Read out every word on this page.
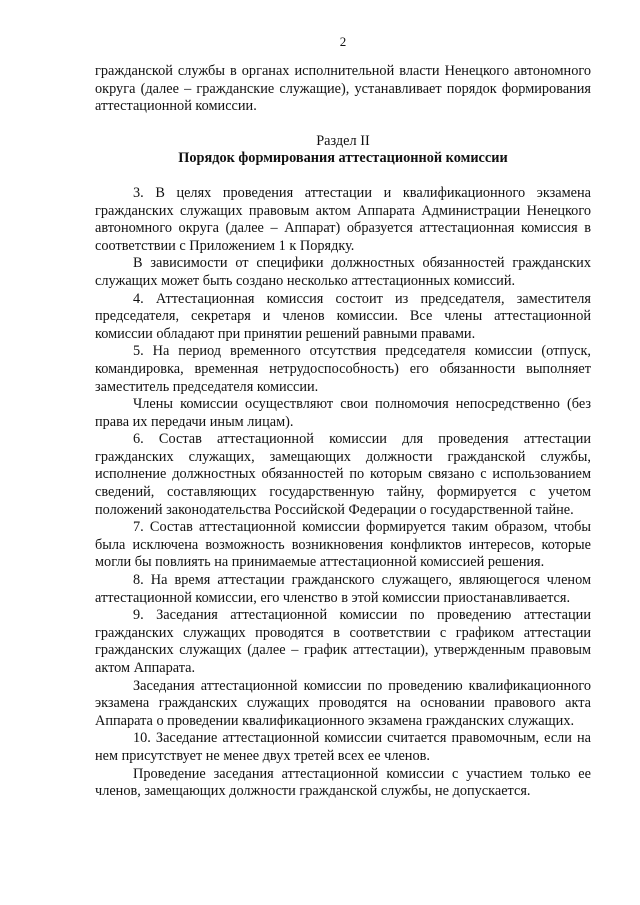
2

гражданской службы в органах исполнительной власти Ненецкого автономного округа (далее – гражданские служащие), устанавливает порядок формирования аттестационной комиссии.

Раздел II
Порядок формирования аттестационной комиссии

3. В целях проведения аттестации и квалификационного экзамена гражданских служащих правовым актом Аппарата Администрации Ненецкого автономного округа (далее – Аппарат) образуется аттестационная комиссия в соответствии с Приложением 1 к Порядку.

В зависимости от специфики должностных обязанностей гражданских служащих может быть создано несколько аттестационных комиссий.

4. Аттестационная комиссия состоит из председателя, заместителя председателя, секретаря и членов комиссии. Все члены аттестационной комиссии обладают при принятии решений равными правами.

5. На период временного отсутствия председателя комиссии (отпуск, командировка, временная нетрудоспособность) его обязанности выполняет заместитель председателя комиссии.

Члены комиссии осуществляют свои полномочия непосредственно (без права их передачи иным лицам).

6. Состав аттестационной комиссии для проведения аттестации гражданских служащих, замещающих должности гражданской службы, исполнение должностных обязанностей по которым связано с использованием сведений, составляющих государственную тайну, формируется с учетом положений законодательства Российской Федерации о государственной тайне.

7. Состав аттестационной комиссии формируется таким образом, чтобы была исключена возможность возникновения конфликтов интересов, которые могли бы повлиять на принимаемые аттестационной комиссией решения.

8. На время аттестации гражданского служащего, являющегося членом аттестационной комиссии, его членство в этой комиссии приостанавливается.

9. Заседания аттестационной комиссии по проведению аттестации гражданских служащих проводятся в соответствии с графиком аттестации гражданских служащих (далее – график аттестации), утвержденным правовым актом Аппарата.

Заседания аттестационной комиссии по проведению квалификационного экзамена гражданских служащих проводятся на основании правового акта Аппарата о проведении квалификационного экзамена гражданских служащих.

10. Заседание аттестационной комиссии считается правомочным, если на нем присутствует не менее двух третей всех ее членов.

Проведение заседания аттестационной комиссии с участием только ее членов, замещающих должности гражданской службы, не допускается.
